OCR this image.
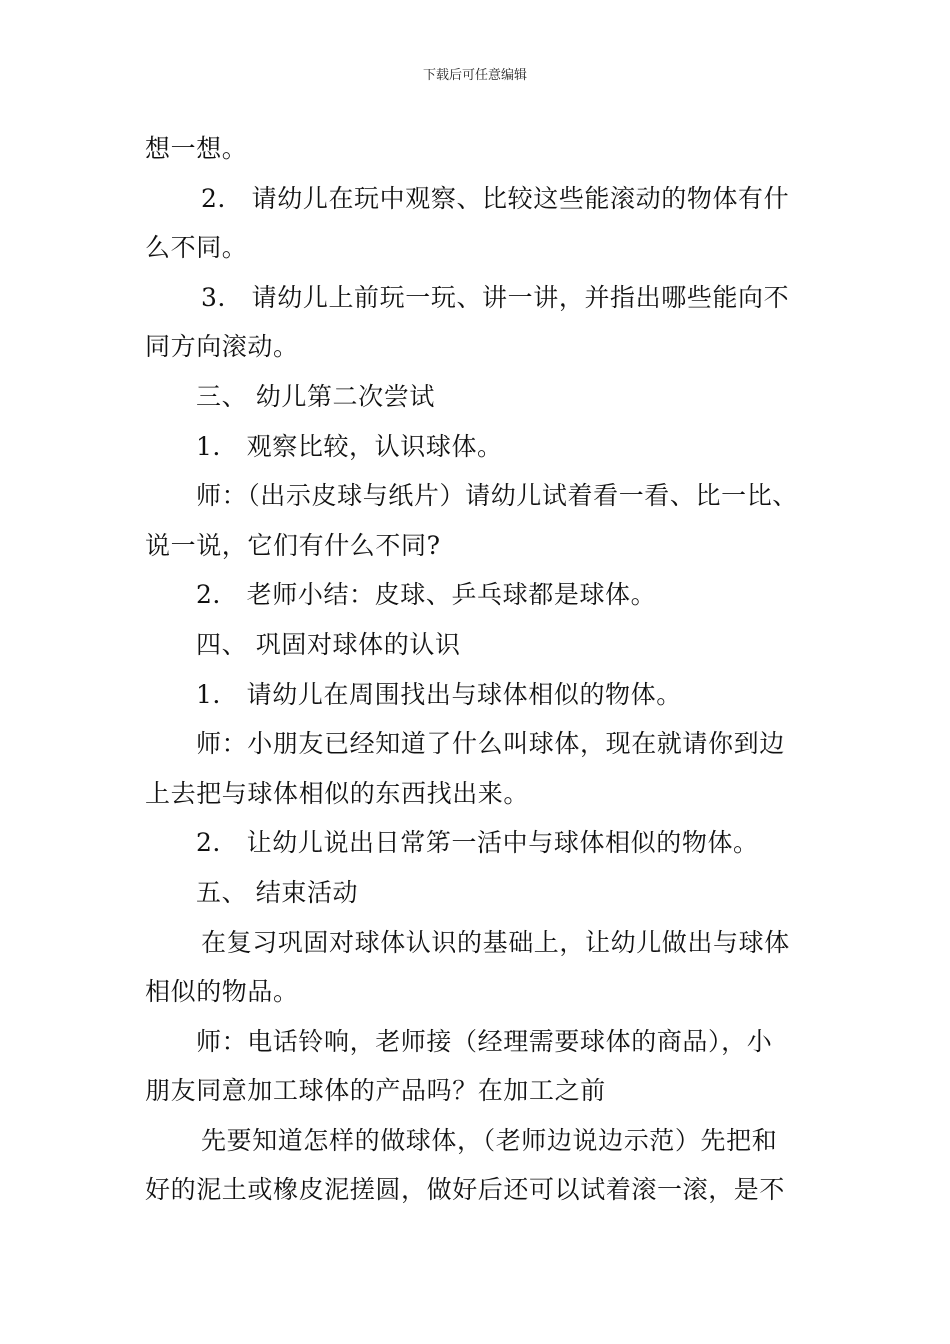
下载后可任意编辑
想一想。
2． 请幼儿在玩中观察、比较这些能滚动的物体有什
么不同。
3． 请幼儿上前玩一玩、讲一讲，并指出哪些能向不
同方向滚动。
三、 幼儿第二次尝试
1． 观察比较，认识球体。
师：（出示皮球与纸片）请幼儿试着看一看、比一比、
说一说，它们有什么不同?
2． 老师小结：皮球、乒乓球都是球体。
四、 巩固对球体的认识
1． 请幼儿在周围找出与球体相似的物体。
师：小朋友已经知道了什么叫球体，现在就请你到边
上去把与球体相似的东西找出来。
2． 让幼儿说出日常笫一活中与球体相似的物体。
五、 结束活动
在复习巩固对球体认识的基础上，让幼儿做出与球体
相似的物品。
师：电话铃响，老师接（经理需要球体的商品），小
朋友同意加工球体的产品吗？在加工之前
先要知道怎样的做球体，（老师边说边示范）先把和
好的泥土或橡皮泥搓圆，做好后还可以试着滚一滚，是不
